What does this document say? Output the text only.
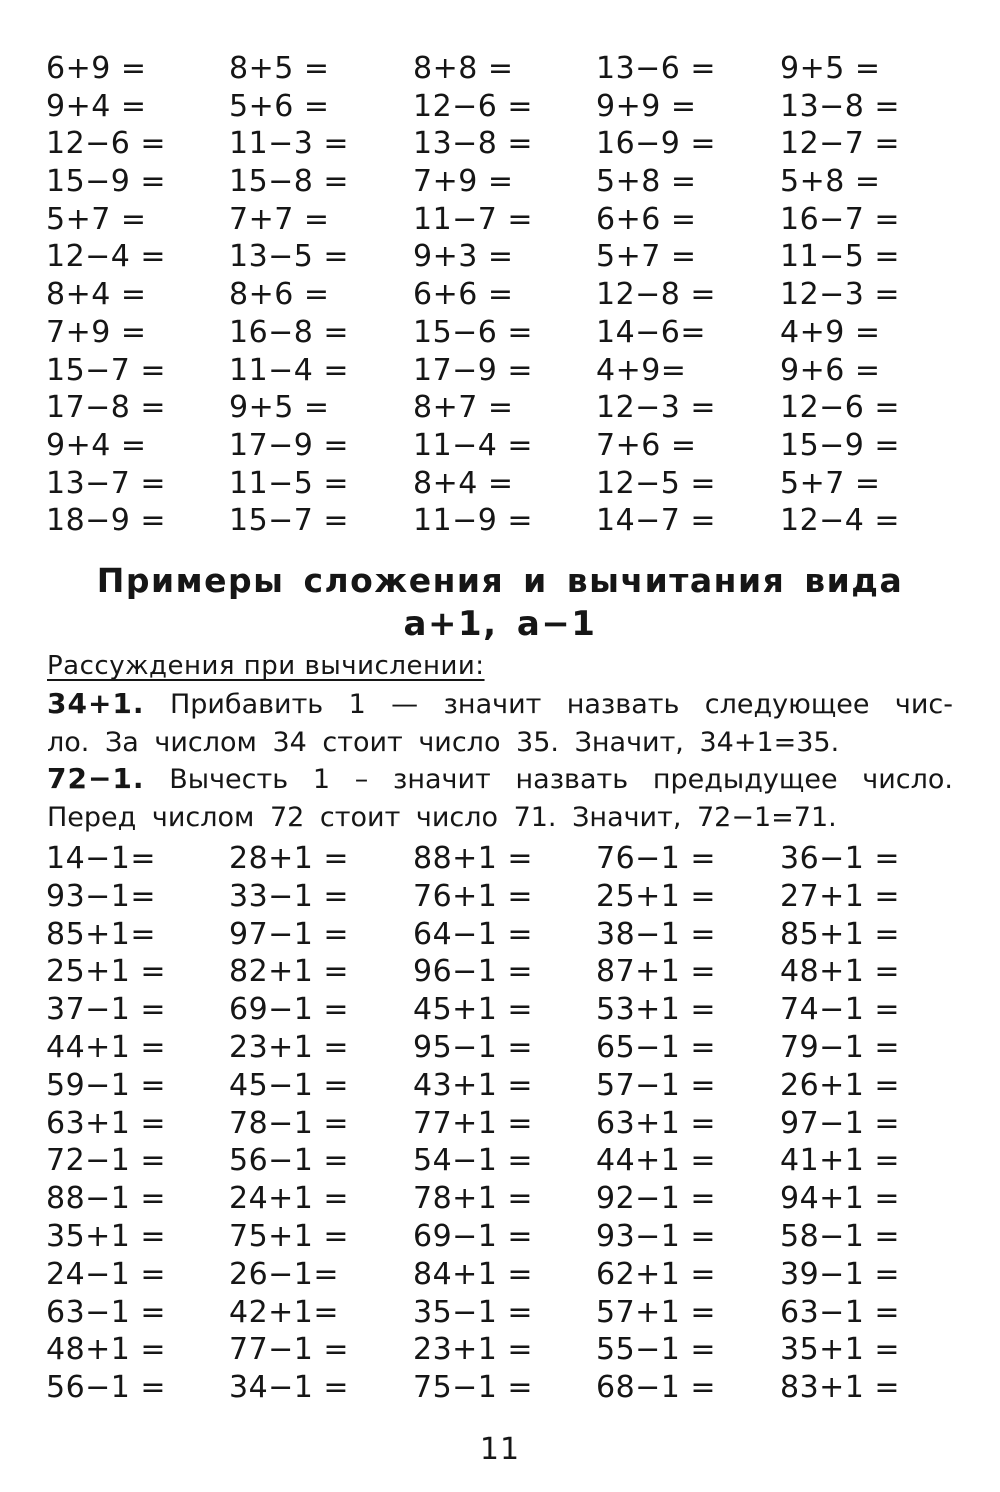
6+9 =	8+5 =	8+8 =	13−6 =	9+5 =
9+4 =	5+6 =	12−6 =	9+9 =	13−8 =
12−6 =	11−3 =	13−8 =	16−9 =	12−7 =
15−9 =	15−8 =	7+9 =	5+8 =	5+8 =
5+7 =	7+7 =	11−7 =	6+6 =	16−7 =
12−4 =	13−5 =	9+3 =	5+7 =	11−5 =
8+4 =	8+6 =	6+6 =	12−8 =	12−3 =
7+9 =	16−8 =	15−6 =	14−6=	4+9 =
15−7 =	11−4 =	17−9 =	4+9=	9+6 =
17−8 =	9+5 =	8+7 =	12−3 =	12−6 =
9+4 =	17−9 =	11−4 =	7+6 =	15−9 =
13−7 =	11−5 =	8+4 =	12−5 =	5+7 =
18−9 =	15−7 =	11−9 =	14−7 =	12−4 =
Примеры сложения и вычитания вида
а+1, а−1
Рассуждения при вычислении:
34+1. Прибавить 1 — значит назвать следующее чис-
ло. За числом 34 стоит число 35. Значит, 34+1=35.
72−1. Вычесть 1 – значит назвать предыдущее число.
Перед числом 72 стоит число 71. Значит, 72−1=71.
14−1=	28+1 =	88+1 =	76−1 =	36−1 =
93−1=	33−1 =	76+1 =	25+1 =	27+1 =
85+1=	97−1 =	64−1 =	38−1 =	85+1 =
25+1 =	82+1 =	96−1 =	87+1 =	48+1 =
37−1 =	69−1 =	45+1 =	53+1 =	74−1 =
44+1 =	23+1 =	95−1 =	65−1 =	79−1 =
59−1 =	45−1 =	43+1 =	57−1 =	26+1 =
63+1 =	78−1 =	77+1 =	63+1 =	97−1 =
72−1 =	56−1 =	54−1 =	44+1 =	41+1 =
88−1 =	24+1 =	78+1 =	92−1 =	94+1 =
35+1 =	75+1 =	69−1 =	93−1 =	58−1 =
24−1 =	26−1=	84+1 =	62+1 =	39−1 =
63−1 =	42+1=	35−1 =	57+1 =	63−1 =
48+1 =	77−1 =	23+1 =	55−1 =	35+1 =
56−1 =	34−1 =	75−1 =	68−1 =	83+1 =
11
